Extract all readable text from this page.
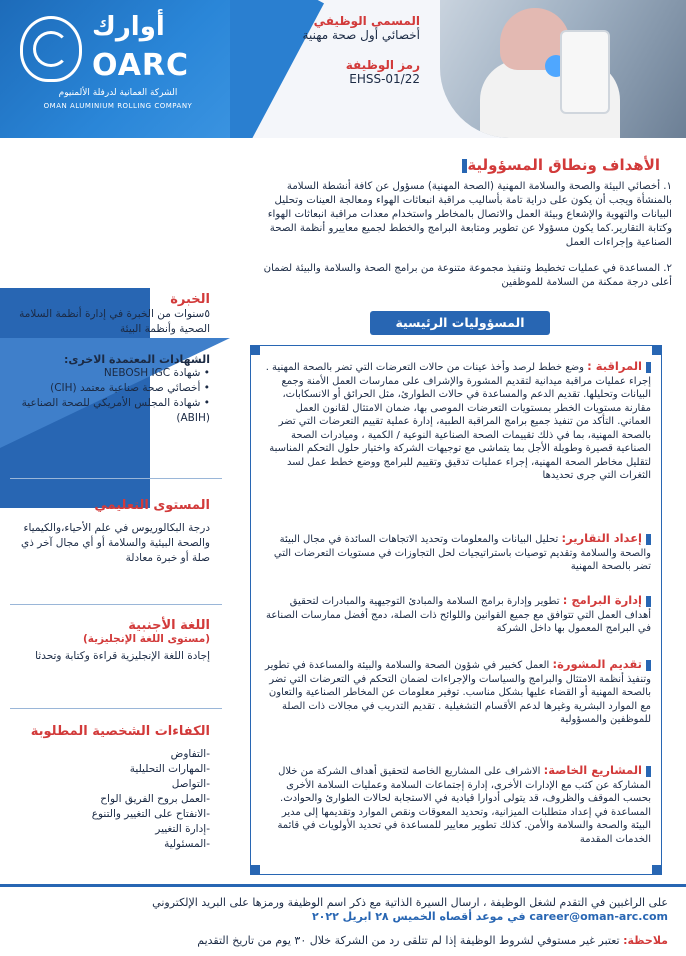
أوارك
OARC
الشركة العمانية لدرفلة الألمنيوم
OMAN ALUMINIUM ROLLING COMPANY
المسمى الوظيفي
أخصائي أول صحة مهنية
رمز الوظيفة
EHSS-01/22
الأهداف ونطاق المسؤولية
١. أخصائي البيئة والصحة والسلامة المهنية (الصحة المهنية) مسؤول عن كافة أنشطة السلامة بالمنشأة ويجب أن يكون على دراية تامة بأساليب مراقبة انبعاثات الهواء ومعالجة العينات وتحليل البيانات والتهوية والإشعاع وبيئة العمل والاتصال بالمخاطر واستخدام معدات مراقبة انبعاثات الهواء وكتابة التقارير.كما يكون مسؤولا عن تطوير ومتابعة البرامج والخطط لجميع معاييرو أنظمة الصحة الصناعية وإجراءات العمل
٢. المساعدة في عمليات تخطيط وتنفيذ مجموعة متنوعة من برامج الصحة والسلامة والبيئة لضمان أعلى درجة ممكنة من السلامة للموظفين
الخبرة
٥سنوات من الخبرة في إدارة أنظمة السلامة الصحية وأنظمة البيئة
الشهادات المعتمدة الاخرى:
• شهادة NEBOSH IGC
• أخصائي صحة صناعية معتمد (CIH)
• شهادة المجلس الأمريكي للصحة الصناعية (ABIH)
المستوى التعليمي
درجة البكالوريوس في علم الأحياء،والكيمياء والصحة البيئية والسلامة أو أي مجال آخر ذي صلة أو خبرة معادلة
اللغة الأجنبية
(مستوى اللغة الإنجليزية)
إجادة اللغة الإنجليزية قراءة وكتابة وتحدثا
الكفاءات الشخصية المطلوبة
-التفاوض
-المهارات التحليلية
-التواصل
-العمل بروح الفريق الواح
-الانفتاح على التغيير والتنوع
-إدارة التغيير
-المسئولية
المسؤوليات الرئيسية
المراقبة : وضع خطط لرصد وأخذ عينات من حالات التعرضات التي تضر بالصحة المهنية . إجراء عمليات مراقبة ميدانية لتقديم المشورة والإشراف على ممارسات العمل الأمنة وجمع البيانات وتحليلها. تقديم الدعم والمساعدة في حالات الطوارئ، مثل الحرائق أو الانسكابات، مقارنة مستويات الخطر بمستويات التعرضات الموصى بها، ضمان الامتثال لقانون العمل العماني. التأكد من تنفيذ جميع برامج المراقبة الطبية، إدارة عملية تقييم التعرضات التي تضر بالصحة المهنية، بما في ذلك تقييمات الصحة الصناعية النوعية / الكمية ، وميادرات الصحة الصناعية قصيرة وطويلة الأجل بما يتماشى مع توجيهات الشركة واختيار حلول التحكم المناسبة لتقليل مخاطر الصحة المهنية، إجراء عمليات تدقيق وتقييم للبرامج ووضع خطط عمل لسد الثغرات التي جرى تحديدها
إعداد التقارير: تحليل البيانات والمعلومات وتحديد الاتجاهات السائدة في مجال البيئة والصحة والسلامة وتقديم توصيات باستراتيجيات لحل التجاوزات في مستويات التعرضات التي تضر بالصحة المهنية
إدارة البرامج : تطوير وإدارة برامج السلامة والمبادئ التوجيهية والمبادرات لتحقيق أهداف العمل التي تتوافق مع جميع القوانين واللوائح ذات الصلة، دمج أفضل ممارسات الصناعة في البرامج المعمول بها داخل الشركة
تقديم المشورة: العمل كخبير في شؤون الصحة والسلامة والبيئة والمساعدة في تطوير وتنفيذ أنظمة الامتثال والبرامج والسياسات والإجراءات لضمان التحكم في التعرضات التي تضر بالصحة المهنية أو القضاء عليها بشكل مناسب. توفير معلومات عن المخاطر الصناعية والتعاون مع الموارد البشرية وغيرها لدعم الأقسام التشغيلية . تقديم التدريب في مجالات ذات الصلة للموظفين والمسؤولية
المشاريع الخاصة: الاشراف على المشاريع الخاصة لتحقيق أهداف الشركة من خلال المشاركة عن كثب مع الإدارات الأخرى، إدارة إجتماعات السلامة وعمليات السلامة الأخرى بحسب الموقف والظروف، قد يتولى أدوارا قيادية في الاستجابة لحالات الطوارئ والحوادث. المساعدة في إعداد متطلبات الميزانية، وتحديد المعوقات ونقص الموارد وتقديمها إلى مدير البيئة والصحة والسلامة والأمن. كذلك تطوير معايير للمساعدة في تحديد الأولويات في قائمة الخدمات المقدمة
على الراغبين في التقدم لشغل الوظيفة ، ارسال السيرة الذاتية مع ذكر اسم الوظيفة ورمزها على البريد الإلكتروني
career@oman-arc.com في موعد أقصاه الخميس ٢٨ ابريل ٢٠٢٢
ملاحظة: تعتبر غير مستوفي لشروط الوظيفة إذا لم تتلقى رد من الشركة خلال ٣٠ يوم من تاريخ التقديم
